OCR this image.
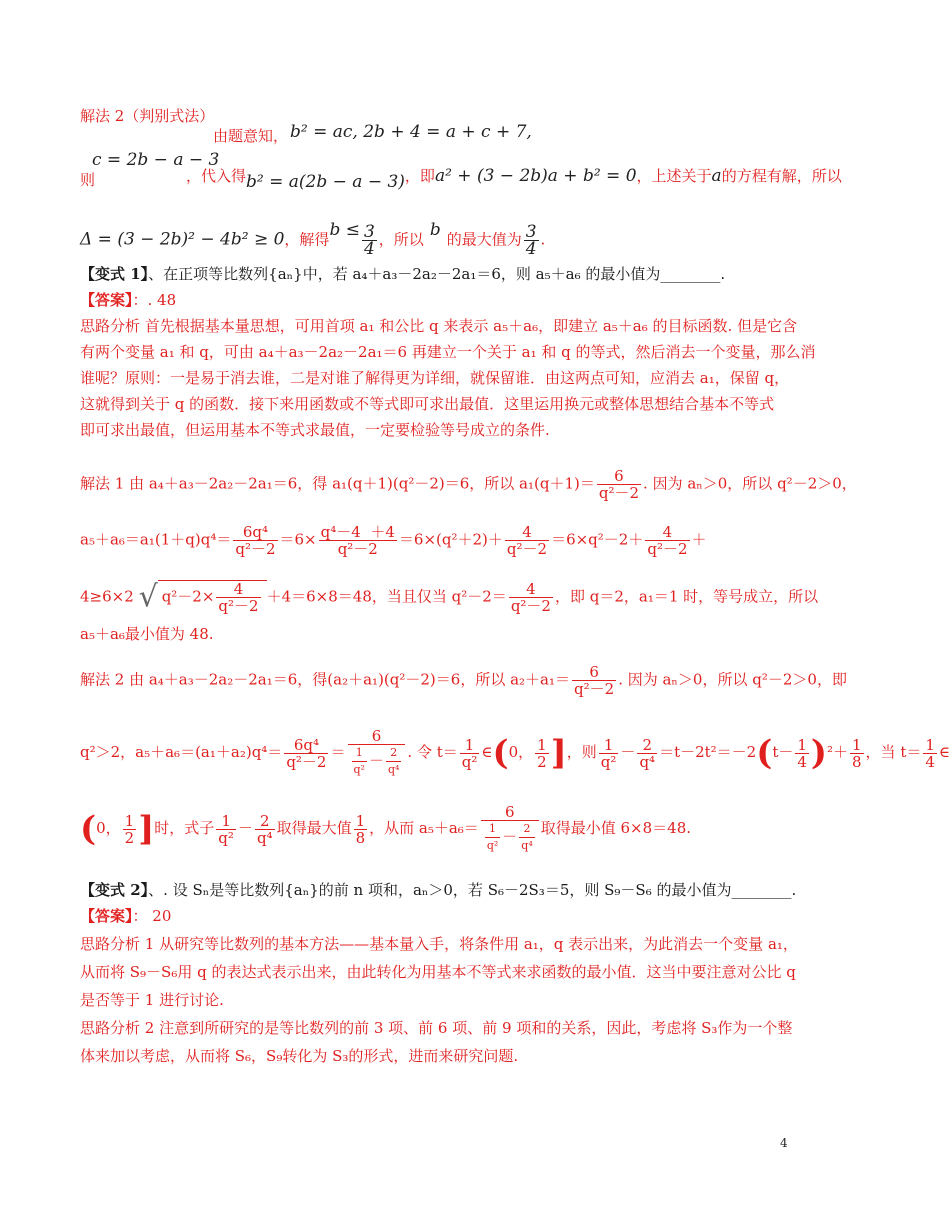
解法 2（判别式法）
由题意知， b² = ac, 2b + 4 = a + c + 7,
c = 2b − a − 3
则	，代入得b² = a(2b − a − 3)，即a² + (3 − 2b)a + b² = 0，上述关于a的方程有解，所以
Δ = (3 − 2b)² − 4b² ≥ 0，解得$b \le \frac{3}{4}$ ，所以 b 的最大值为 $\frac{3}{4}$ .
【变式 1】、在正项等比数列{aₙ}中，若 a₄＋a₃－2a₂－2a₁＝6，则 a₅＋a₆ 的最小值为________.
【答案】：. 48
思路分析 首先根据基本量思想，可用首项 a₁ 和公比 q 来表示 a₅＋a₆，即建立 a₅＋a₆ 的目标函数. 但是它含
有两个变量 a₁ 和 q，可由 a₄＋a₃－2a₂－2a₁＝6 再建立一个关于 a₁ 和 q 的等式，然后消去一个变量，那么消
谁呢？原则：一是易于消去谁，二是对谁了解得更为详细，就保留谁．由这两点可知，应消去 a₁，保留 q，
这就得到关于 q 的函数．接下来用函数或不等式即可求出最值．这里运用换元或整体思想结合基本不等式
即可求出最值，但运用基本不等式求最值，一定要检验等号成立的条件.
解法 1 由 a₄＋a₃－2a₂－2a₁＝6，得 a₁(q＋1)(q²－2)＝6，所以 $a_1(q+1)= \frac{6}{\text{q²－2}}$ . 因为 aₙ＞0，所以 q²－2＞0，
$a_5+a_6=a_1(1+q)q^4= \frac{\text{6q⁴}}{\text{q²－2}} =6\times \frac{\text{q⁴－4 ＋4}}{\text{q²－2}} =6\times(q^2+2)+ \frac{4}{\text{q²－2}} =6\times q^2-2+ \frac{4}{\text{q²－2}}$ ＋
4≥6×2 √ $q^2-2\times \frac{4}{\text{q²－2}} +4=6\times 8=48$，当且仅当 $q^2-2= \frac{4}{\text{q²－2}}$ ，即 q＝2，a₁＝1 时，等号成立，所以
a₅＋a₆最小值为 48.
解法 2 由 a₄＋a₃－2a₂－2a₁＝6，得(a₂＋a₁)(q²－2)＝6，所以 $a_2+a_1= \frac{6}{\text{q²－2}}$ . 因为 aₙ＞0，所以 q²－2＞0，即
q²＞2，$a_5+a_6=(a_1+a_2)q^4= \frac{\text{6q⁴}}{\text{q²－2}} = \frac{6}{\frac{1}{\text{q²}} - \frac{2}{\text{q⁴}}}$ . 令 $t= \frac{1}{\text{q²}}$ ∈(0， $\frac{1}{2}$ ]，则 $\frac{1}{\text{q²}} - \frac{2}{\text{q⁴}} =t-2t^2=-2(t- \frac{1}{4} )^2+ \frac{1}{8}$ ，当 $t= \frac{1}{4}$ ∈
(0， $\frac{1}{2}$ ]时，式子 $\frac{1}{\text{q²}} - \frac{2}{\text{q⁴}}$ 取得最大值 $\frac{1}{8}$ ，从而 $a_5+a_6= \frac{6}{\frac{1}{\text{q²}} - \frac{2}{\text{q⁴}}}$ 取得最小值 6×8＝48.
【变式 2】、. 设 Sₙ是等比数列{aₙ}的前 n 项和，aₙ＞0，若 S₆－2S₃＝5，则 S₉－S₆ 的最小值为________.
【答案】： 20
思路分析 1 从研究等比数列的基本方法——基本量入手，将条件用 a₁，q 表示出来，为此消去一个变量 a₁，
从而将 S₉－S₆用 q 的表达式表示出来，由此转化为用基本不等式来求函数的最小值．这当中要注意对公比 q
是否等于 1 进行讨论.
思路分析 2 注意到所研究的是等比数列的前 3 项、前 6 项、前 9 项和的关系，因此，考虑将 S₃作为一个整
体来加以考虑，从而将 S₆，S₉转化为 S₃的形式，进而来研究问题.
4
